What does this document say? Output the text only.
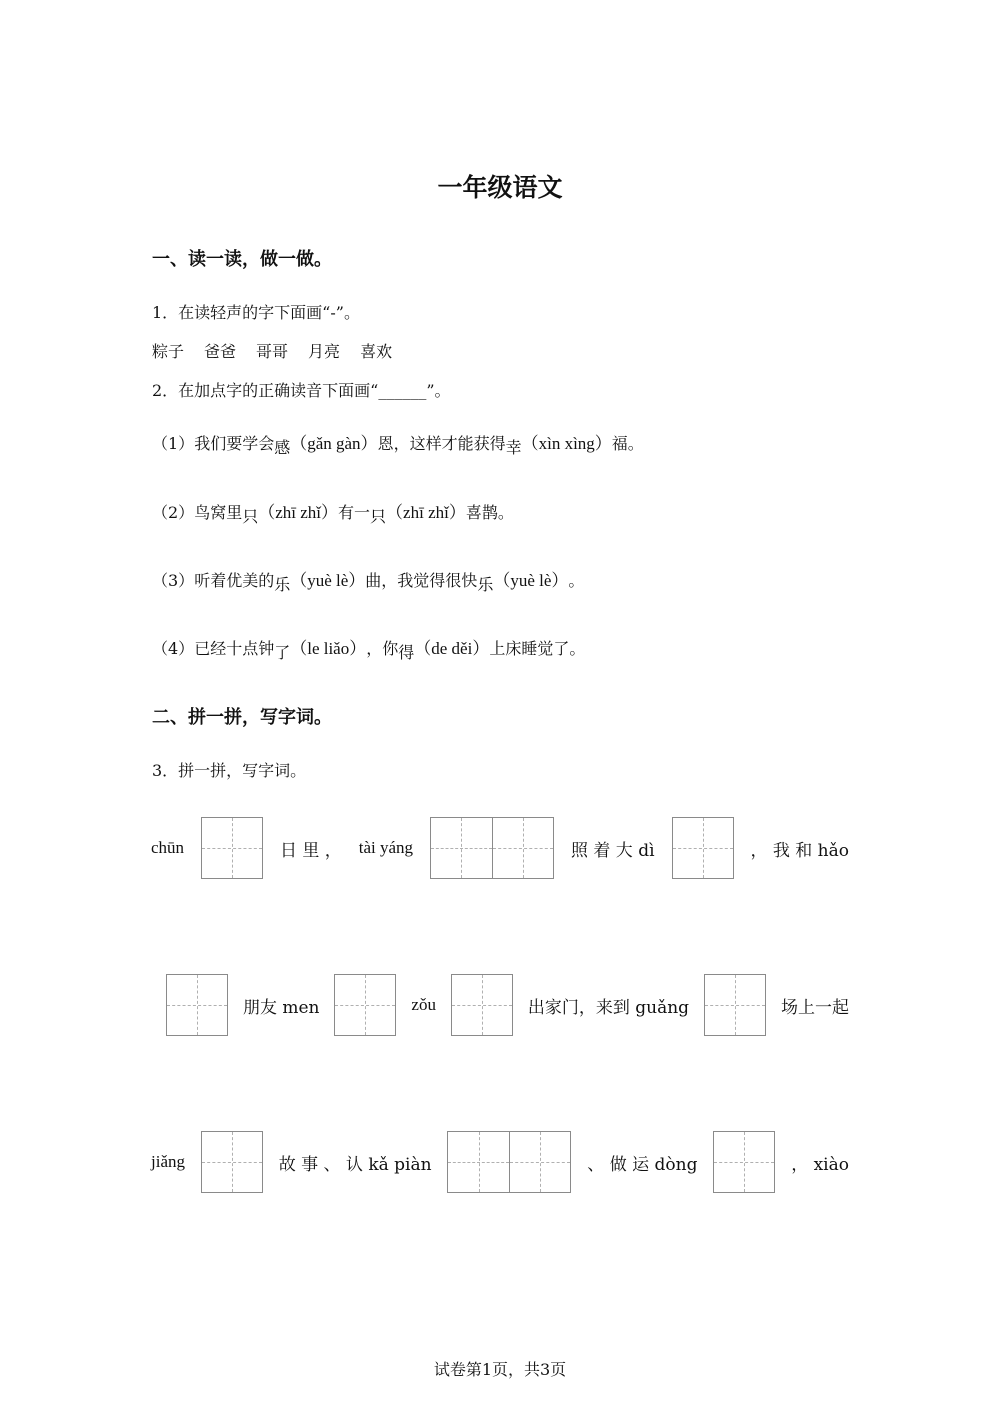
一年级语文
一、读一读，做一做。
1．在读轻声的字下面画“-”。
粽子 爸爸 哥哥 月亮 喜欢
2．在加点字的正确读音下面画“______”。
（1） 我们要学会 感 （gǎn gàn） 恩，这样才能获得 幸 （xìn xìng） 福。
（2） 鸟窝里 只 （zhī zhǐ） 有一 只 （zhī zhǐ） 喜鹊。
（3） 听着优美的 乐 （yuè lè） 曲，我觉得很快 乐 （yuè lè） 。
（4） 已经十点钟 了 （le liǎo） ，你 得 （de děi） 上床睡觉了。
二、拼一拼，写字词。
3．拼一拼，写字词。
chūn	日 里 ， tài yáng	照 着 大 dì	， 我 和 hǎo
朋友 men	zǒu	出家门，来到 guǎng	场上一起
jiǎng	故 事 、 认 kǎ piàn	、 做 运 dòng	， xiào
试卷第1页，共3页
